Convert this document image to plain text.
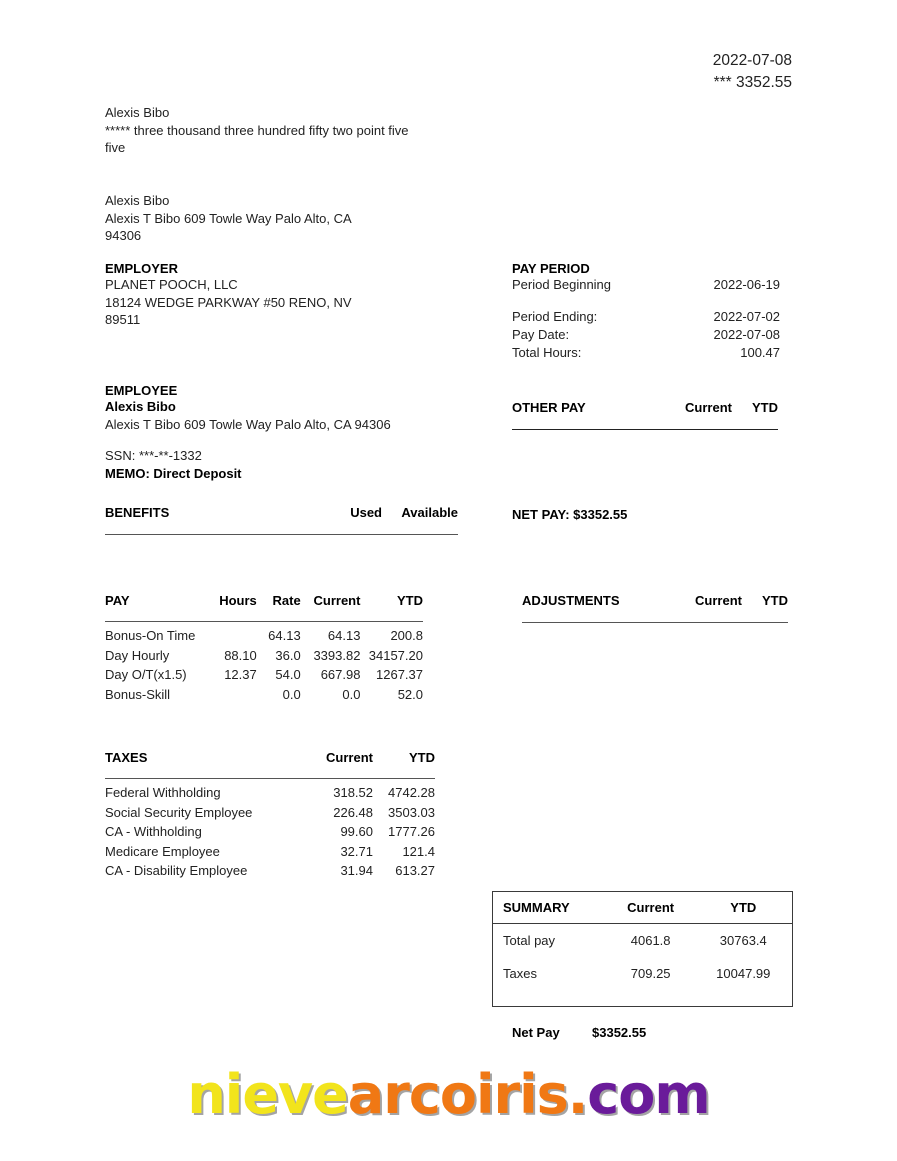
2022-07-08
*** 3352.55
Alexis Bibo
***** three thousand three hundred fifty two point five
five
Alexis Bibo
Alexis T Bibo 609 Towle Way Palo Alto, CA
94306
EMPLOYER
PLANET POOCH, LLC
18124 WEDGE PARKWAY #50 RENO, NV
89511
PAY PERIOD
Period Beginning	2022-06-19
Period Ending:	2022-07-02
Pay Date:	2022-07-08
Total Hours:	100.47
EMPLOYEE
Alexis Bibo
Alexis T Bibo 609 Towle Way Palo Alto, CA 94306
SSN: ***-**-1332
MEMO: Direct Deposit
OTHER PAY	Current	YTD
NET PAY: $3352.55
BENEFITS	Used	Available
PAY	Hours	Rate	Current	YTD

Bonus-On Time		64.13	64.13	200.8
Day Hourly	88.10	36.0	3393.82	34157.20
Day O/T(x1.5)	12.37	54.0	667.98	1267.37
Bonus-Skill		0.0	0.0	52.0
ADJUSTMENTS	Current	YTD
TAXES	Current	YTD

Federal Withholding	318.52	4742.28
Social Security Employee	226.48	3503.03
CA - Withholding	99.60	1777.26
Medicare Employee	32.71	121.4
CA - Disability Employee	31.94	613.27
SUMMARY	Current	YTD
Total pay	4061.8	30763.4
Taxes	709.25	10047.99

Net Pay $3352.55
nievearcoiris.com
